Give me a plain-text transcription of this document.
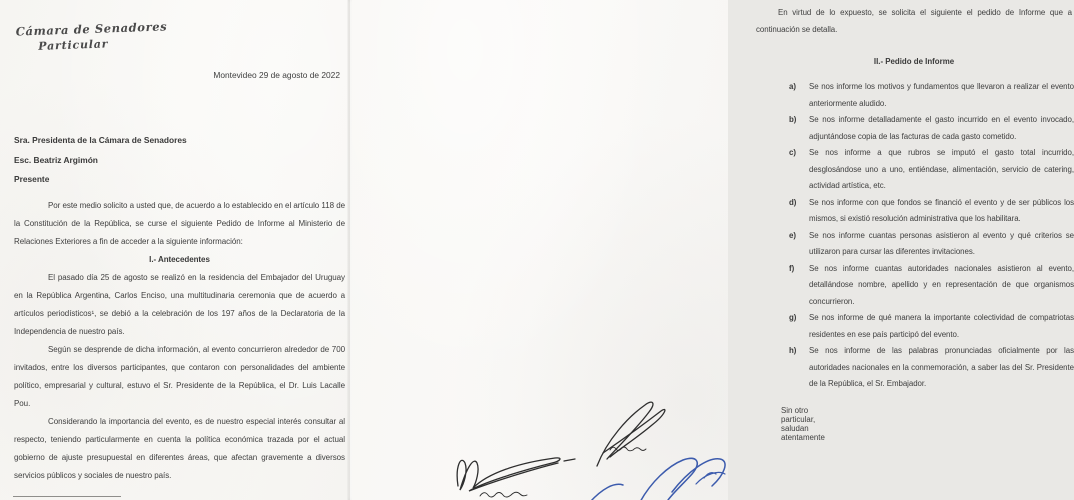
Cámara de Senadores
Particular
Montevideo 29 de agosto de 2022
Sra. Presidenta de la Cámara de Senadores
Esc. Beatriz Argimón
Presente

Por este medio solicito a usted que, de acuerdo a lo establecido en el artículo 118 de la Constitución de la República, se curse el siguiente Pedido de Informe al Ministerio de Relaciones Exteriores a fin de acceder a la siguiente información:

I.- Antecedentes

El pasado día 25 de agosto se realizó en la residencia del Embajador del Uruguay en la República Argentina, Carlos Enciso, una multitudinaria ceremonia que de acuerdo a artículos periodísticos¹, se debió a la celebración de los 197 años de la Declaratoria de la Independencia de nuestro país.

Según se desprende de dicha información, al evento concurrieron alrededor de 700 invitados, entre los diversos participantes, que contaron con personalidades del ambiente político, empresarial y cultural, estuvo el Sr. Presidente de la República, el Dr. Luis Lacalle Pou.

Considerando la importancia del evento, es de nuestro especial interés consultar al respecto, teniendo particularmente en cuenta la política económica trazada por el actual gobierno de ajuste presupuestal en diferentes áreas, que afectan gravemente a diversos servicios públicos y sociales de nuestro país.

En virtud de lo expuesto, se solicita el siguiente el pedido de Informe que a continuación se detalla.

II.- Pedido de Informe
a) Se nos informe los motivos y fundamentos que llevaron a realizar el evento anteriormente aludido.
b) Se nos informe detalladamente el gasto incurrido en el evento invocado, adjuntándose copia de las facturas de cada gasto cometido.
c) Se nos informe a que rubros se imputó el gasto total incurrido, desglosándose uno a uno, entiéndase, alimentación, servicio de catering, actividad artística, etc.
d) Se nos informe con que fondos se financió el evento y de ser públicos los mismos, si existió resolución administrativa que los habilitara.
e) Se nos informe cuantas personas asistieron al evento y qué criterios se utilizaron para cursar las diferentes invitaciones.
f) Se nos informe cuantas autoridades nacionales asistieron al evento, detallándose nombre, apellido y en representación de que organismos concurrieron.
g) Se nos informe de qué manera la importante colectividad de compatriotas residentes en ese país participó del evento.
h) Se nos informe de las palabras pronunciadas oficialmente por las autoridades nacionales en la conmemoración, a saber las del Sr. Presidente de la República, el Sr. Embajador.
Sin otro particular, saludan atentamente
